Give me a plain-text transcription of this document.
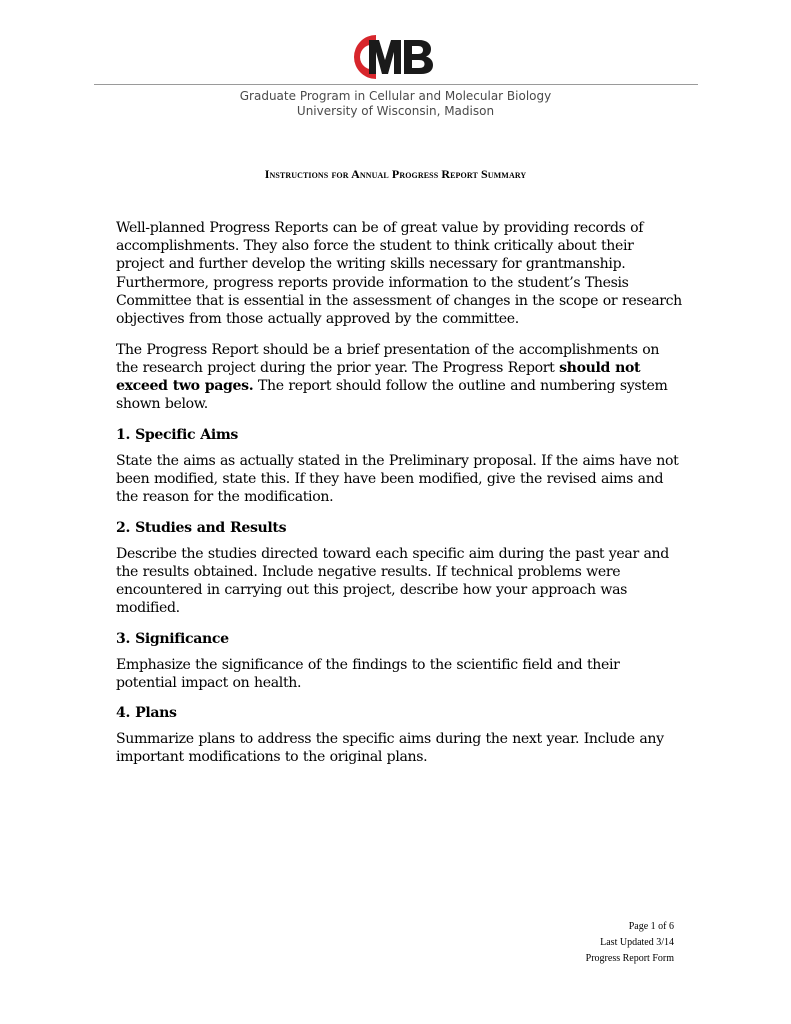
Graduate Program in Cellular and Molecular Biology
University of Wisconsin, Madison
Instructions for Annual Progress Report Summary

Well-planned Progress Reports can be of great value by providing records of accomplishments. They also force the student to think critically about their project and further develop the writing skills necessary for grantmanship. Furthermore, progress reports provide information to the student’s Thesis Committee that is essential in the assessment of changes in the scope or research objectives from those actually approved by the committee.

The Progress Report should be a brief presentation of the accomplishments on the research project during the prior year. The Progress Report should not exceed two pages. The report should follow the outline and numbering system shown below.

1. Specific Aims

State the aims as actually stated in the Preliminary proposal. If the aims have not been modified, state this. If they have been modified, give the revised aims and the reason for the modification.

2. Studies and Results

Describe the studies directed toward each specific aim during the past year and the results obtained. Include negative results. If technical problems were encountered in carrying out this project, describe how your approach was modified.

3. Significance

Emphasize the significance of the findings to the scientific field and their potential impact on health.

4. Plans

Summarize plans to address the specific aims during the next year. Include any important modifications to the original plans.

Page 1 of 6
Last Updated 3/14
Progress Report Form
